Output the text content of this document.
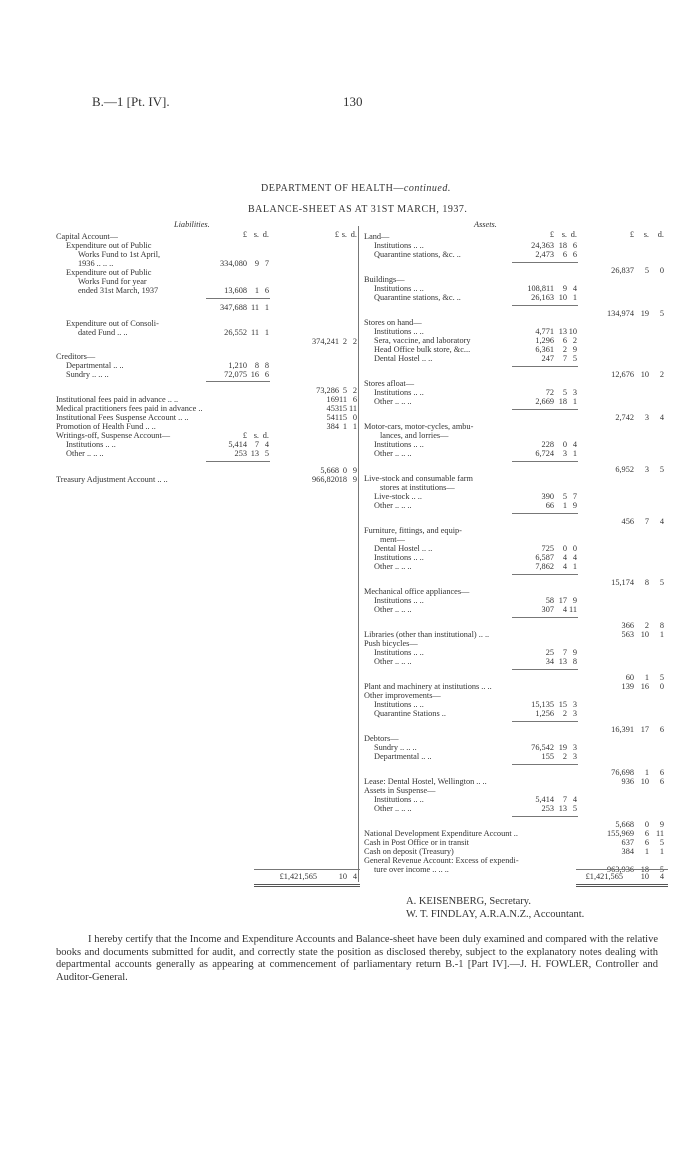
B.—1 [Pt. IV].	130
DEPARTMENT OF HEALTH—continued.
BALANCE-SHEET AS AT 31ST MARCH, 1937.
Liabilities.	Assets.
£ s. d.	£ s. d.
Capital Account—
Expenditure out of Public
Works Fund to 1st April,
1936 .. .. ..	334,080 9 7
Expenditure out of Public
Works Fund for year
ended 31st March, 1937	13,608 1 6
347,688 11 1
Expenditure out of Consoli-
dated Fund .. ..	26,552 11 1
374,241 2 2
Creditors—
Departmental .. ..	1,210 8 8
Sundry .. .. ..	72,075 16 6
73,286 5 2
Institutional fees paid in advance .. ..	169 11 6
Medical practitioners fees paid in advance ..	453 15 11
Institutional Fees Suspense Account .. ..	541 15 0
Promotion of Health Fund .. ..	384 1 1
Writings-off, Suspense Account—	£ s. d.
Institutions .. ..	5,414 7 4
Other .. .. ..	253 13 5
5,668 0 9
Treasury Adjustment Account .. ..	966,820 18 9
£1,421,565	10 4
£ s. d.	£	s.	d.
Land—
Institutions .. ..	24,363 18 6
Quarantine stations, &c. ..	2,473	6 6
26,837	5	0
Buildings—
Institutions .. ..	108,811	9 4
Quarantine stations, &c. ..	26,163 10 1
134,974 19	5
Stores on hand—
Institutions .. ..	4,771 13 10
Sera, vaccine, and laboratory	1,296	6 2
Head Office bulk store, &c...	6,361	2 9
Dental Hostel .. ..	247	7 5
12,676 10	2
Stores afloat—
Institutions .. ..	72	5 3
Other .. .. ..	2,669 18 1
2,742	3	4
Motor-cars, motor-cycles, ambu-
lances, and lorries—
Institutions .. ..	228	0 4
Other .. .. ..	6,724	3 1
6,952	3	5
Live-stock and consumable farm
stores at institutions—
Live-stock .. ..	390	5 7
Other .. .. ..	66	1 9
456	7	4
Furniture, fittings, and equip-
ment—
Dental Hostel .. ..	725	0 0
Institutions .. ..	6,587	4 4
Other .. .. ..	7,862	4 1
15,174	8	5
Mechanical office appliances—
Institutions .. ..	58 17 9
Other .. .. ..	307	4 11
366	2	8
Libraries (other than institutional) .. ..	563 10	1
Push bicycles—
Institutions .. ..	25	7 9
Other .. .. ..	34 13 8
60	1	5
Plant and machinery at institutions .. ..	139 16	0
Other improvements—
Institutions .. ..	15,135 15 3
Quarantine Stations ..	1,256	2 3
16,391 17	6
Debtors—
Sundry .. .. ..	76,542 19 3
Departmental .. ..	155	2 3
76,698	1	6
Lease: Dental Hostel, Wellington .. ..	936 10	6
Assets in Suspense—
Institutions .. ..	5,414	7 4
Other .. .. ..	253 13 5
5,668	0	9
National Development Expenditure Account ..	155,969	6 11
Cash in Post Office or in transit	637	6	5
Cash on deposit (Treasury)	384	1	1
General Revenue Account: Excess of expendi-
ture over income .. .. ..	963,936 18	5
£1,421,565	10	4
A. KEISENBERG, Secretary.
W. T. FINDLAY, A.R.A.N.Z., Accountant.
I hereby certify that the Income and Expenditure Accounts and Balance-sheet have been duly examined and compared with the relative books and documents submitted for audit, and correctly state the position as disclosed thereby, subject to the explanatory notes dealing with departmental accounts generally as appearing at commencement of parliamentary return B.-1 [Part IV].—J. H. FOWLER, Controller and Auditor-General.
